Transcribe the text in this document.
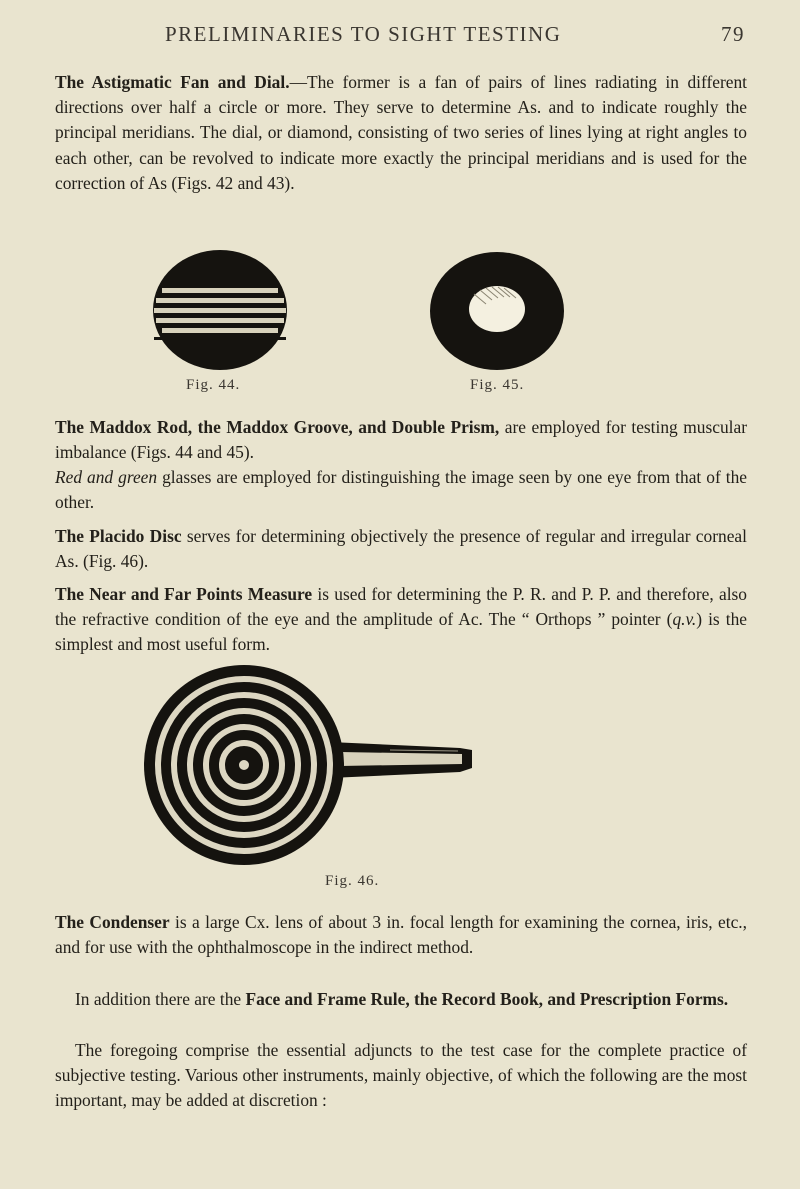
PRELIMINARIES TO SIGHT TESTING	79

The Astigmatic Fan and Dial.—The former is a fan of pairs of lines radiating in different directions over half a circle or more. They serve to determine As. and to indicate roughly the principal meridians. The dial, or diamond, consisting of two series of lines lying at right angles to each other, can be revolved to indicate more exactly the principal meridians and is used for the correction of As (Figs. 42 and 43).

Fig. 44.	Fig. 45.

The Maddox Rod, the Maddox Groove, and Double Prism, are employed for testing muscular imbalance (Figs. 44 and 45).

Red and green glasses are employed for distinguishing the image seen by one eye from that of the other.

The Placido Disc serves for determining objectively the presence of regular and irregular corneal As. (Fig. 46).

The Near and Far Points Measure is used for determining the P. R. and P. P. and therefore, also the refractive condition of the eye and the amplitude of Ac. The “ Orthops ” pointer (q.v.) is the simplest and most useful form.

Fig. 46.

The Condenser is a large Cx. lens of about 3 in. focal length for examining the cornea, iris, etc., and for use with the ophthalmoscope in the indirect method.

In addition there are the Face and Frame Rule, the Record Book, and Prescription Forms.

The foregoing comprise the essential adjuncts to the test case for the complete practice of subjective testing. Various other instruments, mainly objective, of which the following are the most important, may be added at discretion :
